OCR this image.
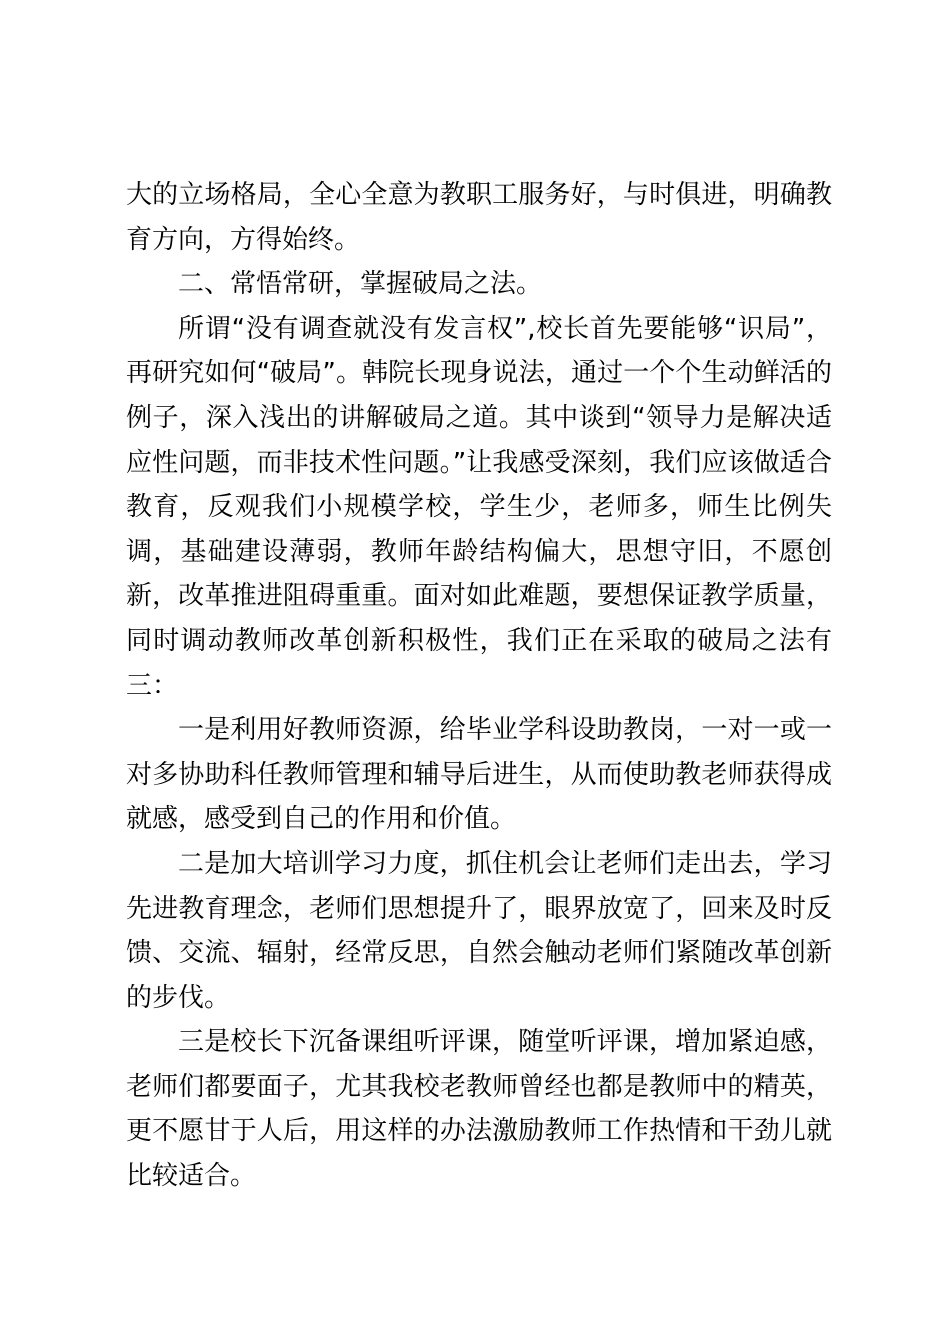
大的立场格局，全心全意为教职工服务好，与时俱进，明确教育方向，方得始终。

二、常悟常研，掌握破局之法。

所谓“没有调查就没有发言权”,校长首先要能够“识局”，再研究如何“破局”。韩院长现身说法，通过一个个生动鲜活的例子，深入浅出的讲解破局之道。其中谈到“领导力是解决适应性问题，而非技术性问题。”让我感受深刻，我们应该做适合教育，反观我们小规模学校，学生少，老师多，师生比例失调，基础建设薄弱，教师年龄结构偏大，思想守旧，不愿创新，改革推进阻碍重重。面对如此难题，要想保证教学质量，同时调动教师改革创新积极性，我们正在采取的破局之法有三：

一是利用好教师资源，给毕业学科设助教岗，一对一或一对多协助科任教师管理和辅导后进生，从而使助教老师获得成就感，感受到自己的作用和价值。

二是加大培训学习力度，抓住机会让老师们走出去，学习先进教育理念，老师们思想提升了，眼界放宽了，回来及时反馈、交流、辐射，经常反思，自然会触动老师们紧随改革创新的步伐。

三是校长下沉备课组听评课，随堂听评课，增加紧迫感，老师们都要面子，尤其我校老教师曾经也都是教师中的精英，更不愿甘于人后，用这样的办法激励教师工作热情和干劲儿就比较适合。
